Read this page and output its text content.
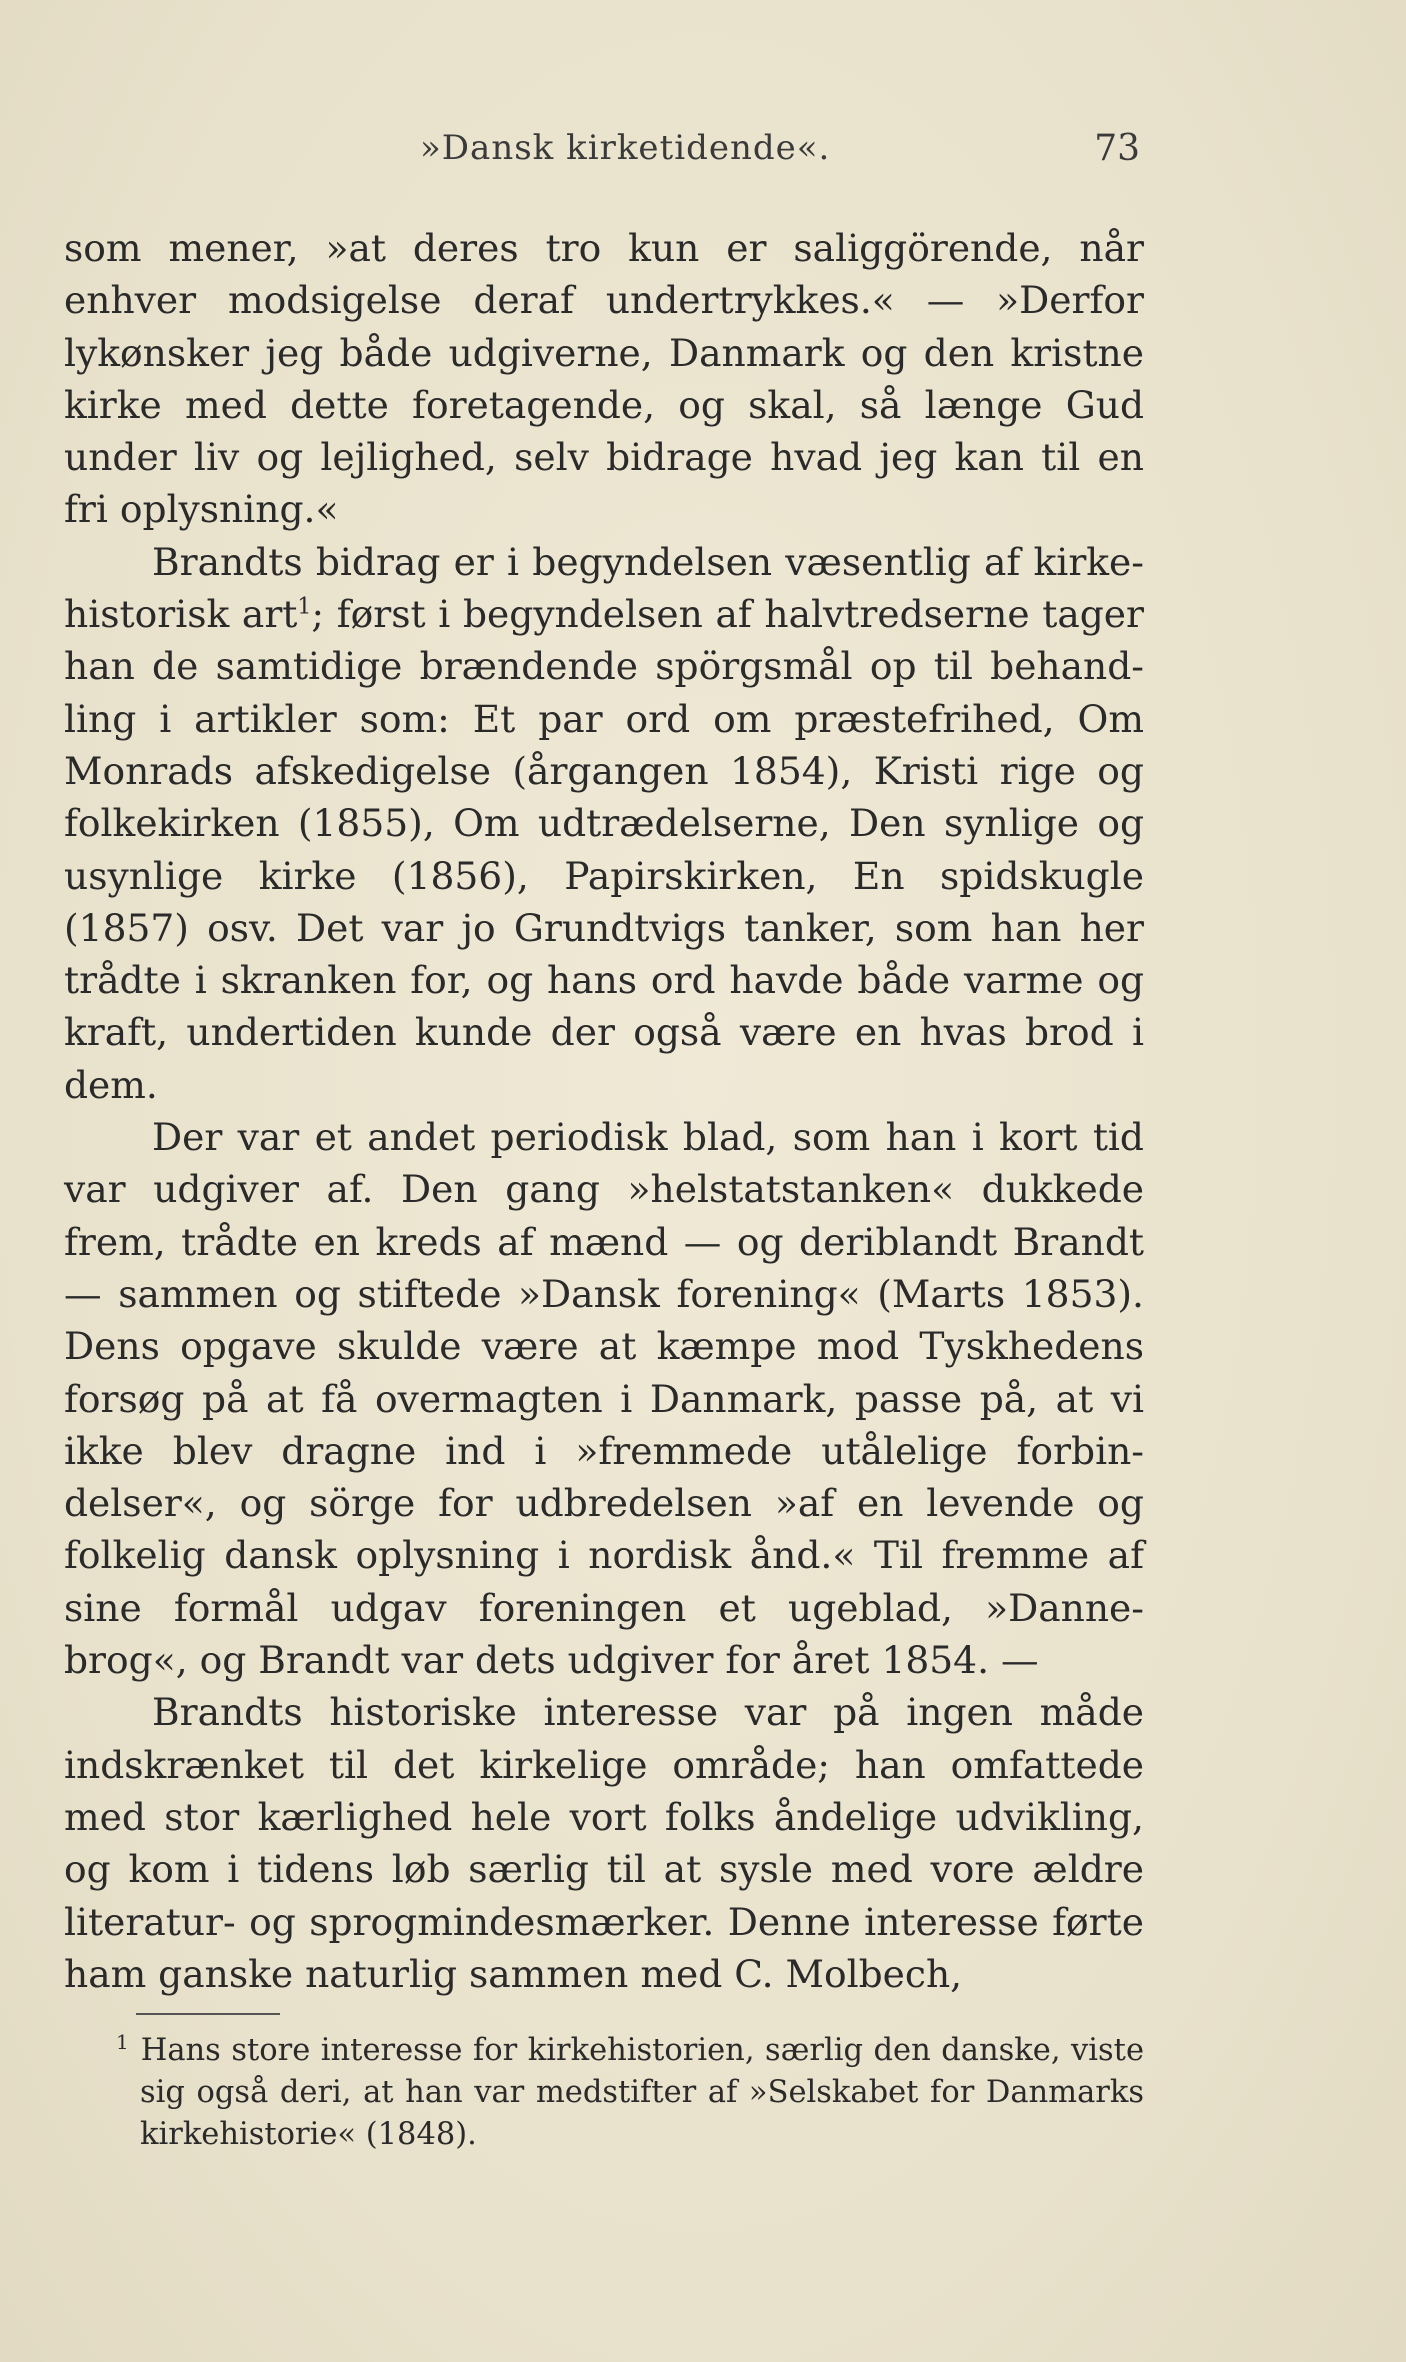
»Dansk kirketidende«.	73

som mener, »at deres tro kun er saliggörende, når enhver modsigelse deraf undertrykkes.« — »Derfor lykønsker jeg både udgiverne, Danmark og den kristne kirke med dette foretagende, og skal, så længe Gud under liv og lejlighed, selv bidrage hvad jeg kan til en fri oplysning.«

Brandts bidrag er i begyndelsen væsentlig af kirke-historisk art$^1$; først i begyndelsen af halvtredserne tager han de samtidige brændende spörgsmål op til behand-ling i artikler som: Et par ord om præstefrihed, Om Monrads afskedigelse (årgangen 1854), Kristi rige og folkekirken (1855), Om udtrædelserne, Den synlige og usynlige kirke (1856), Papirskirken, En spidskugle (1857) osv. Det var jo Grundtvigs tanker, som han her trådte i skranken for, og hans ord havde både varme og kraft, undertiden kunde der også være en hvas brod i dem.

Der var et andet periodisk blad, som han i kort tid var udgiver af. Den gang »helstatstanken« dukkede frem, trådte en kreds af mænd — og deriblandt Brandt — sammen og stiftede »Dansk forening« (Marts 1853). Dens opgave skulde være at kæmpe mod Tyskhedens forsøg på at få overmagten i Danmark, passe på, at vi ikke blev dragne ind i »fremmede utålelige forbin-delser«, og sörge for udbredelsen »af en levende og folkelig dansk oplysning i nordisk ånd.« Til fremme af sine formål udgav foreningen et ugeblad, »Danne-brog«, og Brandt var dets udgiver for året 1854. —

Brandts historiske interesse var på ingen måde indskrænket til det kirkelige område; han omfattede med stor kærlighed hele vort folks åndelige udvikling, og kom i tidens løb særlig til at sysle med vore ældre literatur- og sprogmindesmærker. Denne interesse førte ham ganske naturlig sammen med C. Molbech,

$^1$ Hans store interesse for kirkehistorien, særlig den danske, viste sig også deri, at han var medstifter af »Selskabet for Danmarks kirkehistorie« (1848).
